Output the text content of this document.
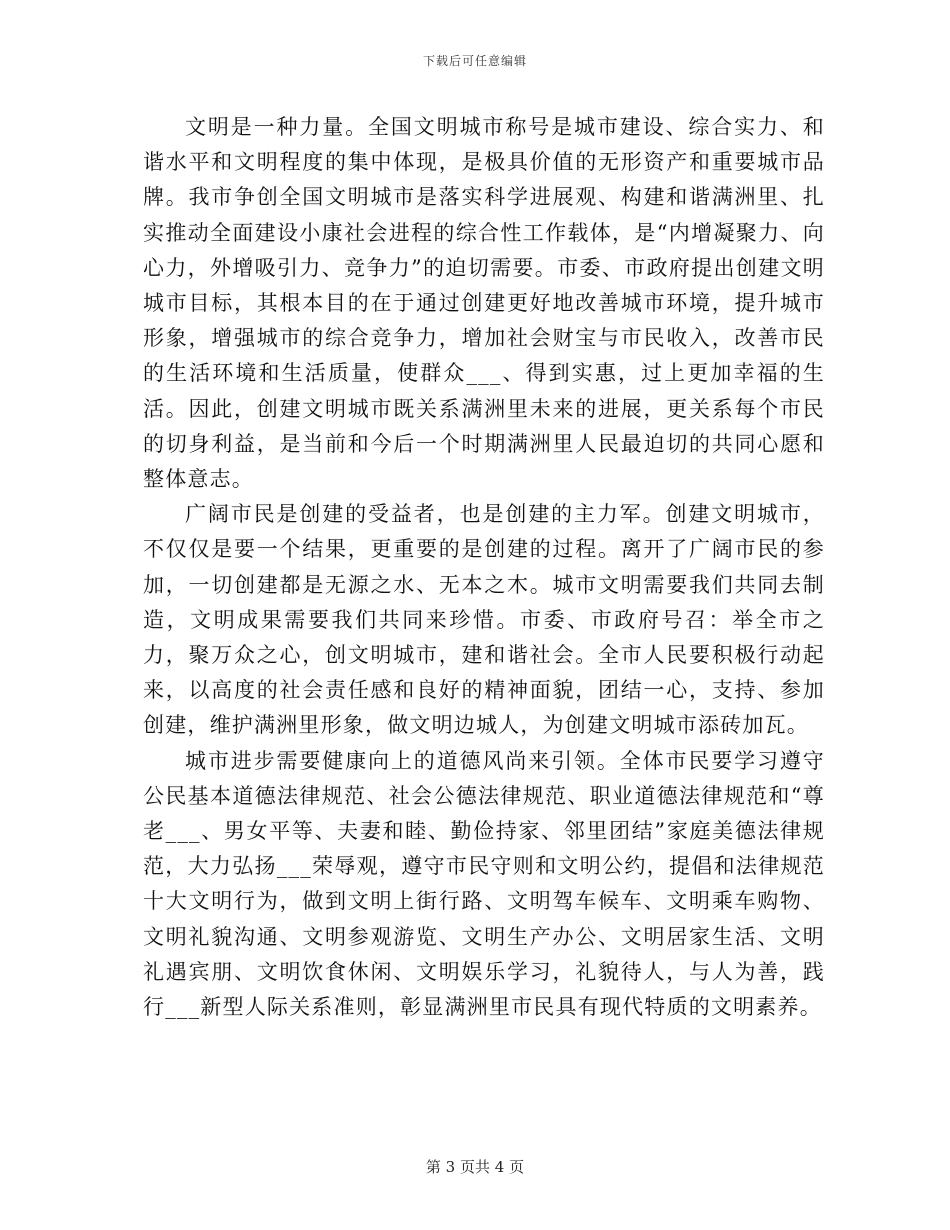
下载后可任意编辑

文明是一种力量。全国文明城市称号是城市建设、综合实力、和谐水平和文明程度的集中体现，是极具价值的无形资产和重要城市品牌。我市争创全国文明城市是落实科学进展观、构建和谐满洲里、扎实推动全面建设小康社会进程的综合性工作载体，是“内增凝聚力、向心力，外增吸引力、竞争力”的迫切需要。市委、市政府提出创建文明城市目标，其根本目的在于通过创建更好地改善城市环境，提升城市形象，增强城市的综合竞争力，增加社会财宝与市民收入，改善市民的生活环境和生活质量，使群众___、得到实惠，过上更加幸福的生活。因此，创建文明城市既关系满洲里未来的进展，更关系每个市民的切身利益，是当前和今后一个时期满洲里人民最迫切的共同心愿和整体意志。

广阔市民是创建的受益者，也是创建的主力军。创建文明城市，不仅仅是要一个结果，更重要的是创建的过程。离开了广阔市民的参加，一切创建都是无源之水、无本之木。城市文明需要我们共同去制造，文明成果需要我们共同来珍惜。市委、市政府号召：举全市之力，聚万众之心，创文明城市，建和谐社会。全市人民要积极行动起来，以高度的社会责任感和良好的精神面貌，团结一心，支持、参加创建，维护满洲里形象，做文明边城人，为创建文明城市添砖加瓦。

城市进步需要健康向上的道德风尚来引领。全体市民要学习遵守公民基本道德法律规范、社会公德法律规范、职业道德法律规范和“尊老___、男女平等、夫妻和睦、勤俭持家、邻里团结”家庭美德法律规范，大力弘扬___荣辱观，遵守市民守则和文明公约，提倡和法律规范十大文明行为，做到文明上街行路、文明驾车候车、文明乘车购物、文明礼貌沟通、文明参观游览、文明生产办公、文明居家生活、文明礼遇宾朋、文明饮食休闲、文明娱乐学习，礼貌待人，与人为善，践行___新型人际关系准则，彰显满洲里市民具有现代特质的文明素养。

第 3 页共 4 页
